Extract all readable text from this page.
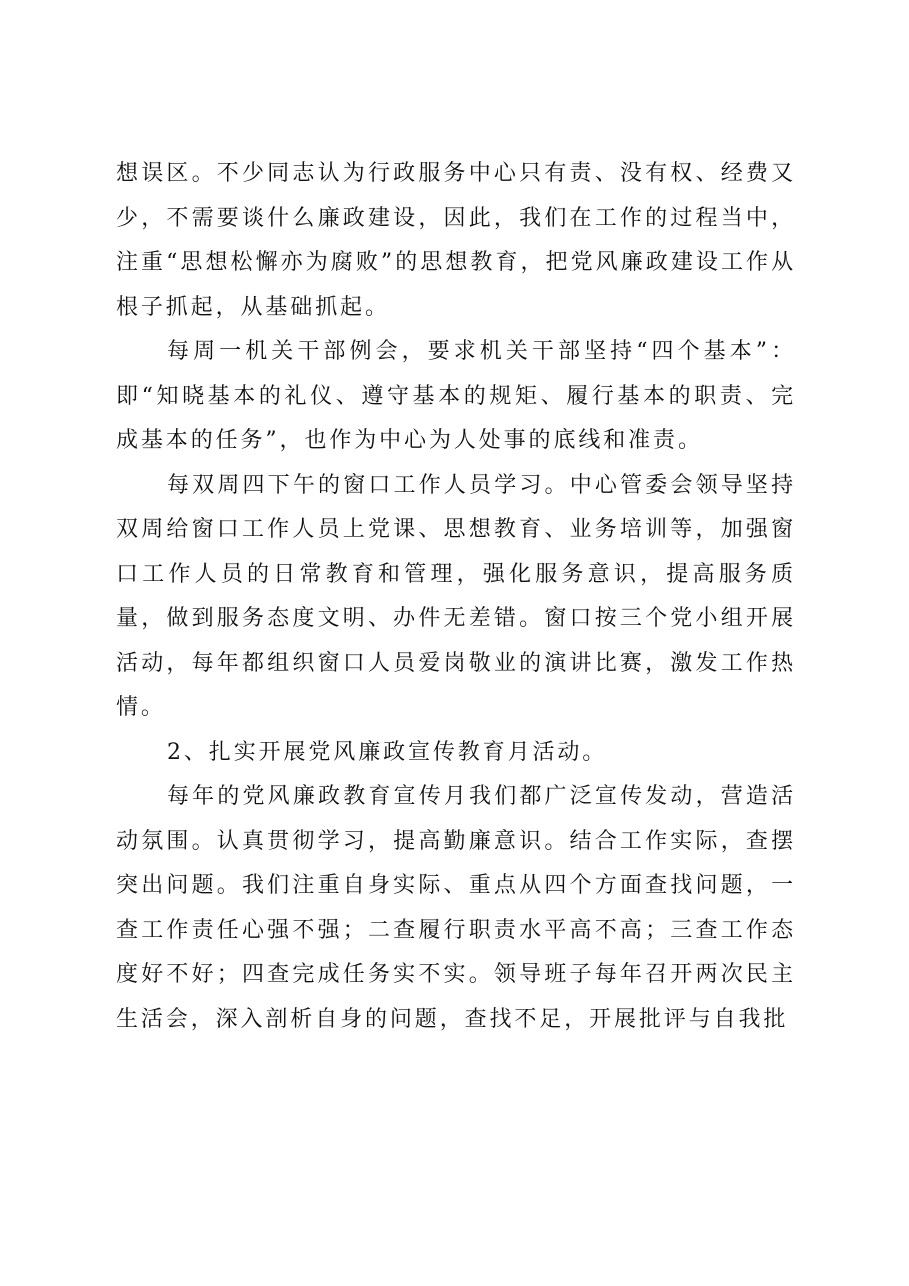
想误区。不少同志认为行政服务中心只有责、没有权、经费又少，不需要谈什么廉政建设，因此，我们在工作的过程当中，注重“思想松懈亦为腐败”的思想教育，把党风廉政建设工作从根子抓起，从基础抓起。

每周一机关干部例会，要求机关干部坚持“四个基本”：即“知晓基本的礼仪、遵守基本的规矩、履行基本的职责、完成基本的任务”，也作为中心为人处事的底线和准责。

每双周四下午的窗口工作人员学习。中心管委会领导坚持双周给窗口工作人员上党课、思想教育、业务培训等，加强窗口工作人员的日常教育和管理，强化服务意识，提高服务质量，做到服务态度文明、办件无差错。窗口按三个党小组开展活动，每年都组织窗口人员爱岗敬业的演讲比赛，激发工作热情。

2、扎实开展党风廉政宣传教育月活动。

每年的党风廉政教育宣传月我们都广泛宣传发动，营造活动氛围。认真贯彻学习，提高勤廉意识。结合工作实际，查摆突出问题。我们注重自身实际、重点从四个方面查找问题，一查工作责任心强不强；二查履行职责水平高不高；三查工作态度好不好；四查完成任务实不实。领导班子每年召开两次民主生活会，深入剖析自身的问题，查找不足，开展批评与自我批
